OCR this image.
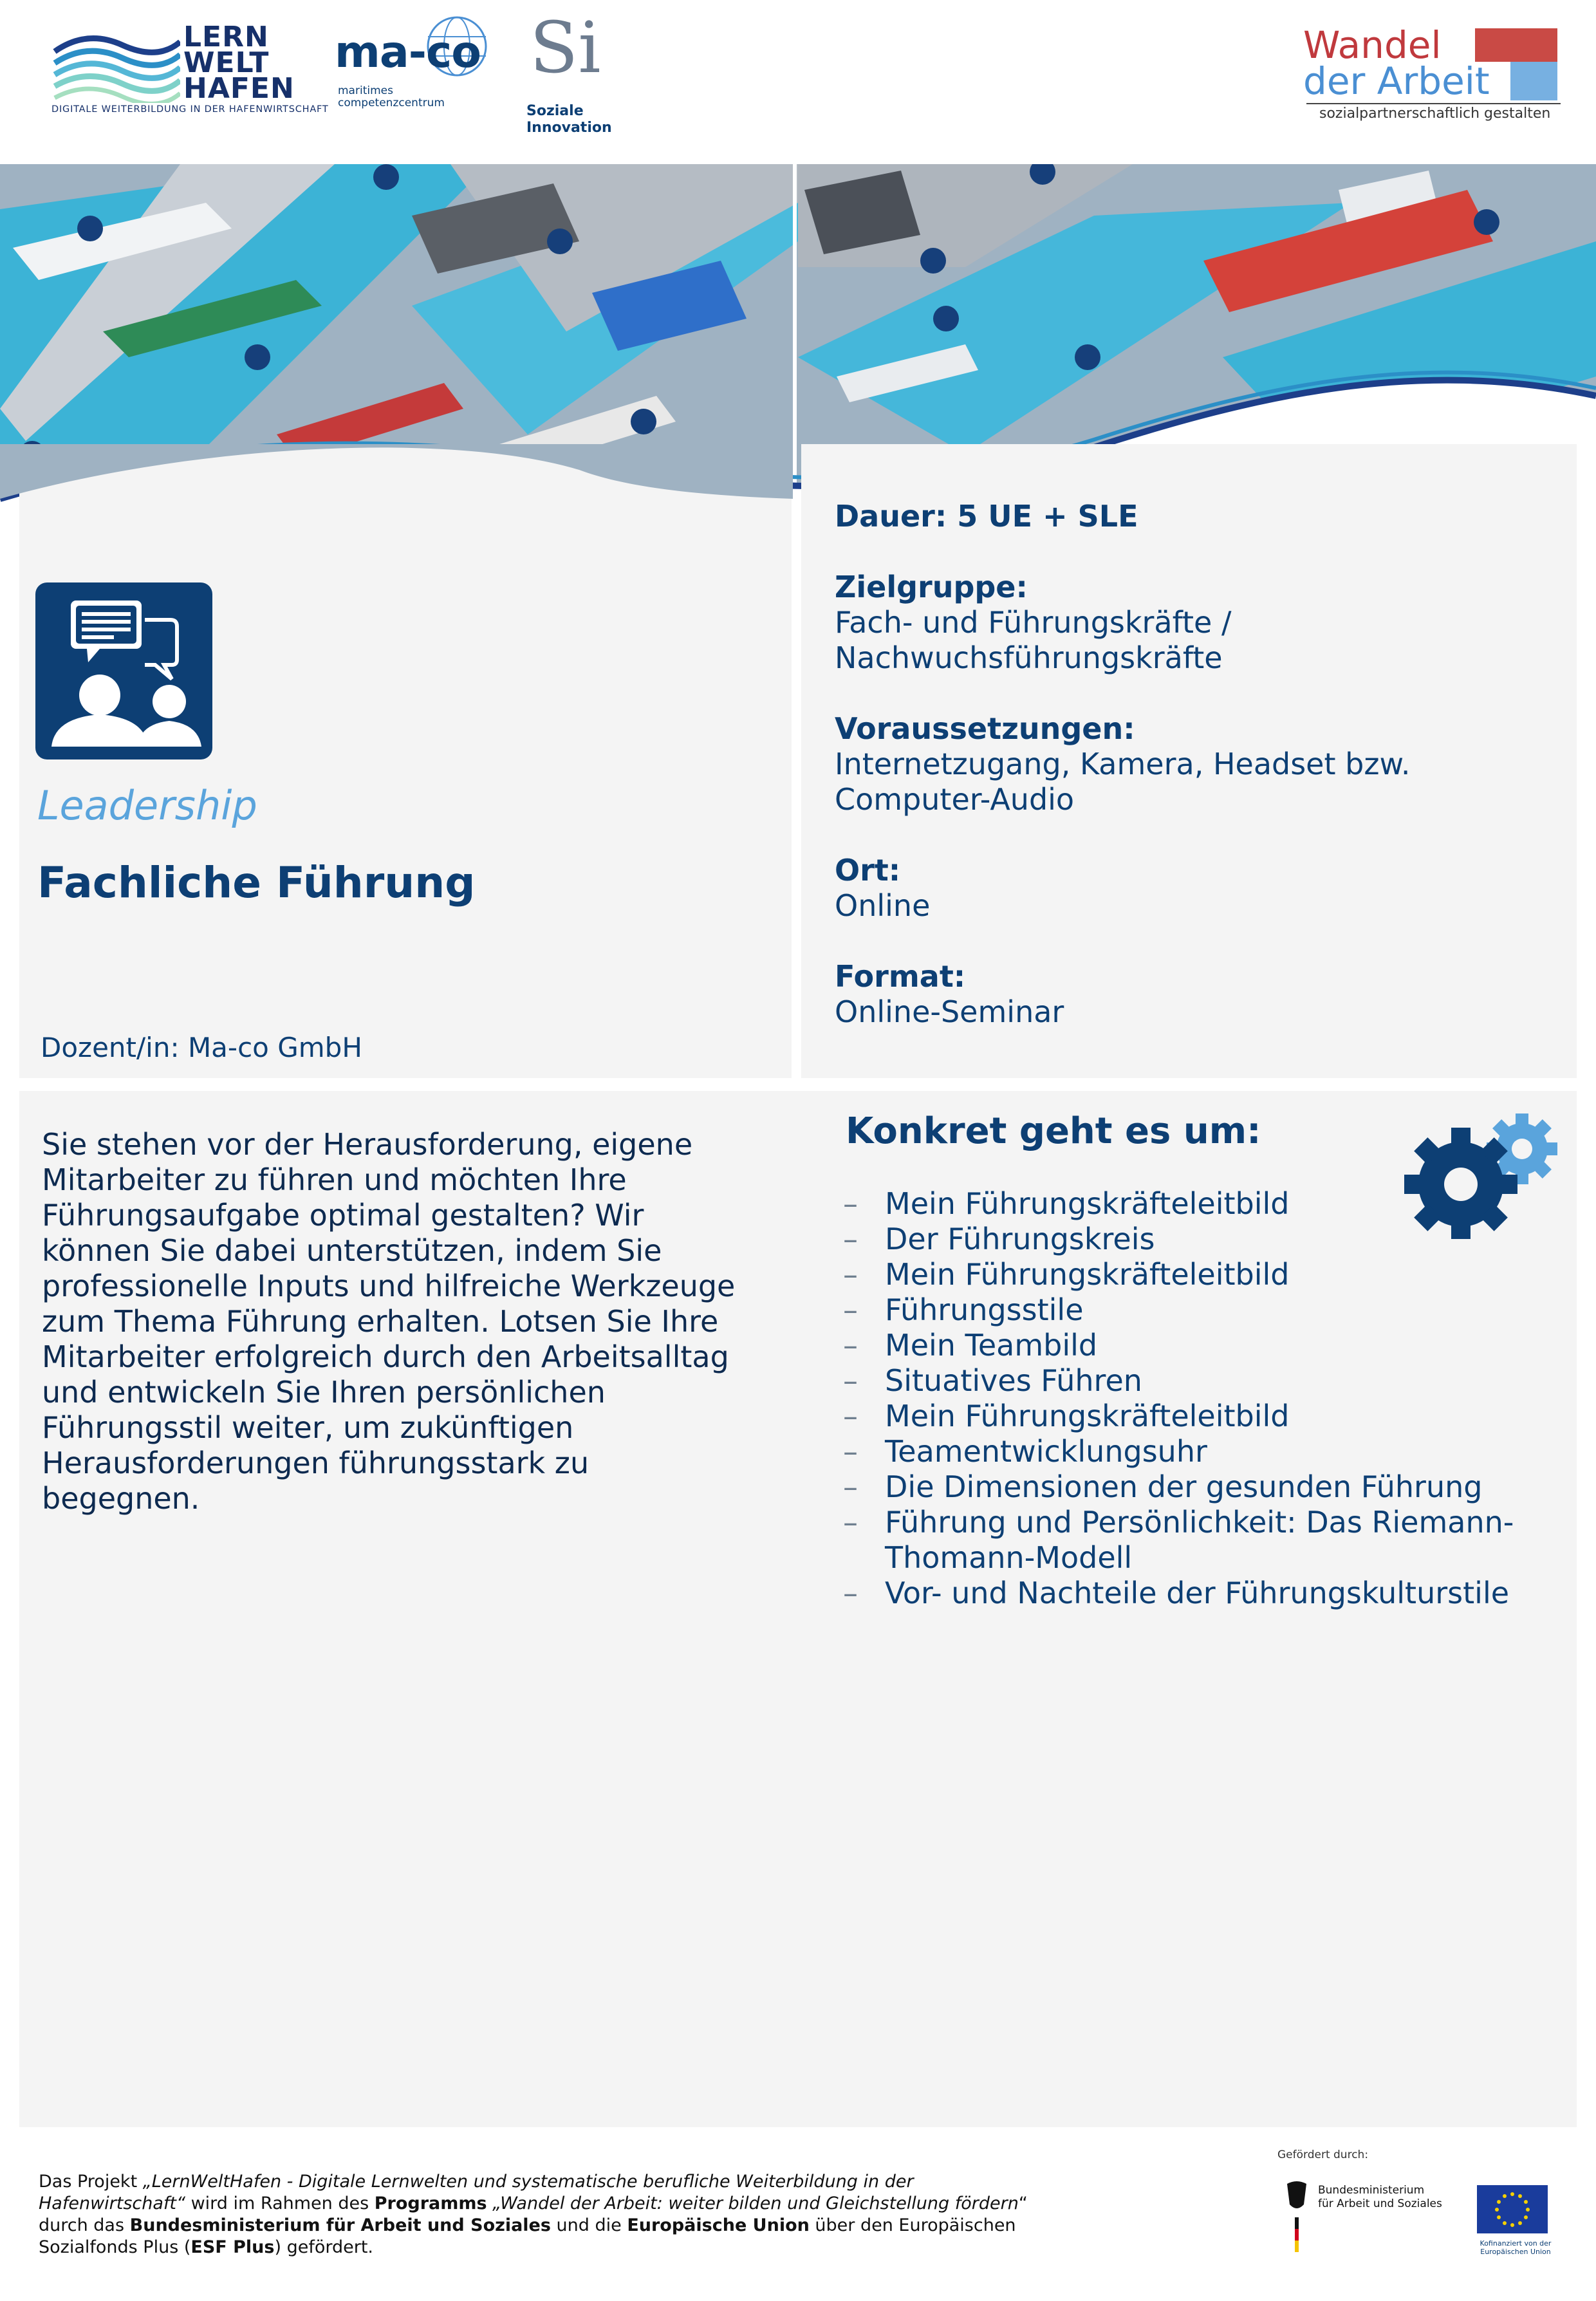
LERN
WELT
HAFEN
DIGITALE WEITERBILDUNG IN DER HAFENWIRTSCHAFT
ma-co
maritimes
competenzcentrum
Si
Soziale
Innovation
Wandel
der Arbeit
sozialpartnerschaftlich gestalten
Leadership
Fachliche Führung
Dozent/in: Ma-co GmbH
Dauer: 5 UE + SLE
Zielgruppe:
Fach- und Führungskräfte /
Nachwuchsführungskräfte
Voraussetzungen:
Internetzugang, Kamera, Headset bzw.
Computer-Audio
Ort:
Online
Format:
Online-Seminar
Sie stehen vor der Herausforderung, eigene
Mitarbeiter zu führen und möchten Ihre
Führungsaufgabe optimal gestalten? Wir
können Sie dabei unterstützen, indem Sie
professionelle Inputs und hilfreiche Werkzeuge
zum Thema Führung erhalten. Lotsen Sie Ihre
Mitarbeiter erfolgreich durch den Arbeitsalltag
und entwickeln Sie Ihren persönlichen
Führungsstil weiter, um zukünftigen
Herausforderungen führungsstark zu
begegnen.
Konkret geht es um:
– Mein Führungskräfteleitbild
– Der Führungskreis
– Mein Führungskräfteleitbild
– Führungsstile
– Mein Teambild
– Situatives Führen
– Mein Führungskräfteleitbild
– Teamentwicklungsuhr
– Die Dimensionen der gesunden Führung
– Führung und Persönlichkeit: Das Riemann-
Thomann-Modell
– Vor- und Nachteile der Führungskulturstile
Das Projekt „LernWeltHafen - Digitale Lernwelten und systematische berufliche Weiterbildung in der
Hafenwirtschaft“ wird im Rahmen des Programms „Wandel der Arbeit: weiter bilden und Gleichstellung fördern“
durch das Bundesministerium für Arbeit und Soziales und die Europäische Union über den Europäischen
Sozialfonds Plus (ESF Plus) gefördert.
Gefördert durch:
Bundesministerium
für Arbeit und Soziales
Kofinanziert von der
Europäischen Union
